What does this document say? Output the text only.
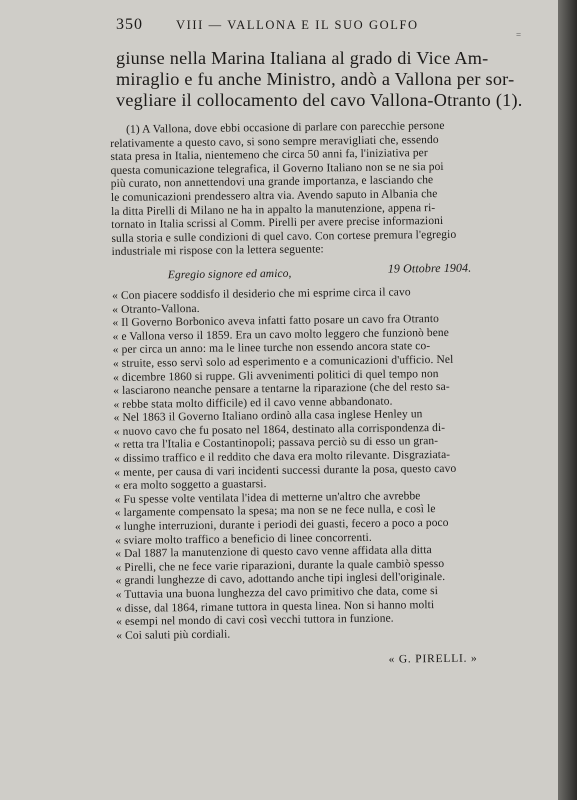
350	VIII — VALLONA E IL SUO GOLFO
=
giunse nella Marina Italiana al grado di Vice Am-
miraglio e fu anche Ministro, andò a Vallona per sor-
vegliare il collocamento del cavo Vallona-Otranto (1).
(1) A Vallona, dove ebbi occasione di parlare con parecchie persone
relativamente a questo cavo, si sono sempre meravigliati che, essendo
stata presa in Italia, nientemeno che circa 50 anni fa, l'iniziativa per
questa comunicazione telegrafica, il Governo Italiano non se ne sia poi
più curato, non annettendovi una grande importanza, e lasciando che
le comunicazioni prendessero altra via. Avendo saputo in Albania che
la ditta Pirelli di Milano ne ha in appalto la manutenzione, appena ri-
tornato in Italia scrissi al Comm. Pirelli per avere precise informazioni
sulla storia e sulle condizioni di quel cavo. Con cortese premura l'egregio
industriale mi rispose con la lettera seguente:
Egregio signore ed amico,	19 Ottobre 1904.
« Con piacere soddisfo il desiderio che mi esprime circa il cavo
« Otranto-Vallona.
« Il Governo Borbonico aveva infatti fatto posare un cavo fra Otranto
« e Vallona verso il 1859. Era un cavo molto leggero che funzionò bene
« per circa un anno: ma le linee turche non essendo ancora state co-
« struite, esso servì solo ad esperimento e a comunicazioni d'ufficio. Nel
« dicembre 1860 si ruppe. Gli avvenimenti politici di quel tempo non
« lasciarono neanche pensare a tentarne la riparazione (che del resto sa-
« rebbe stata molto difficile) ed il cavo venne abbandonato.
« Nel 1863 il Governo Italiano ordinò alla casa inglese Henley un
« nuovo cavo che fu posato nel 1864, destinato alla corrispondenza di-
« retta tra l'Italia e Costantinopoli; passava perciò su di esso un gran-
« dissimo traffico e il reddito che dava era molto rilevante. Disgraziata-
« mente, per causa di vari incidenti successi durante la posa, questo cavo
« era molto soggetto a guastarsi.
« Fu spesse volte ventilata l'idea di metterne un'altro che avrebbe
« largamente compensato la spesa; ma non se ne fece nulla, e così le
« lunghe interruzioni, durante i periodi dei guasti, fecero a poco a poco
« sviare molto traffico a beneficio di linee concorrenti.
« Dal 1887 la manutenzione di questo cavo venne affidata alla ditta
« Pirelli, che ne fece varie riparazioni, durante la quale cambiò spesso
« grandi lunghezze di cavo, adottando anche tipi inglesi dell'originale.
« Tuttavia una buona lunghezza del cavo primitivo che data, come si
« disse, dal 1864, rimane tuttora in questa linea. Non si hanno molti
« esempi nel mondo di cavi così vecchi tuttora in funzione.
« Coi saluti più cordiali.
« G. PIRELLI. »
